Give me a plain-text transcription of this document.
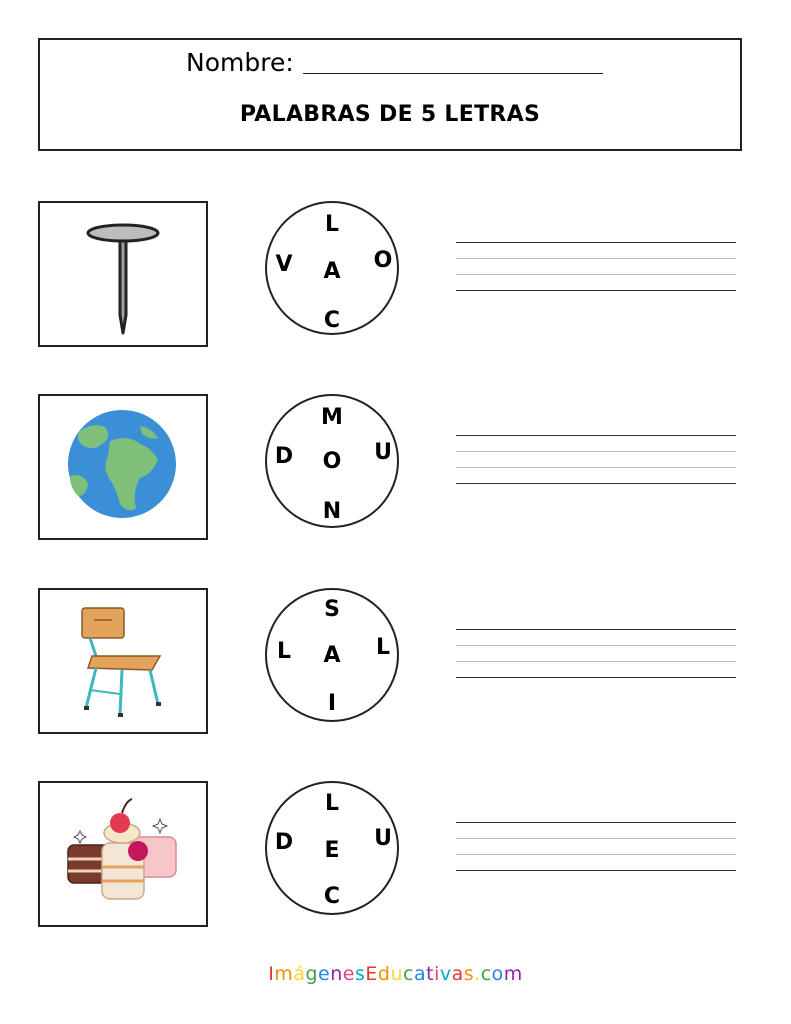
Nombre:
PALABRAS DE 5 LETRAS
L
V A O
C
M
D O U
N
S
L A L
I
L
D E U
C
ImágenesEducativas.com
